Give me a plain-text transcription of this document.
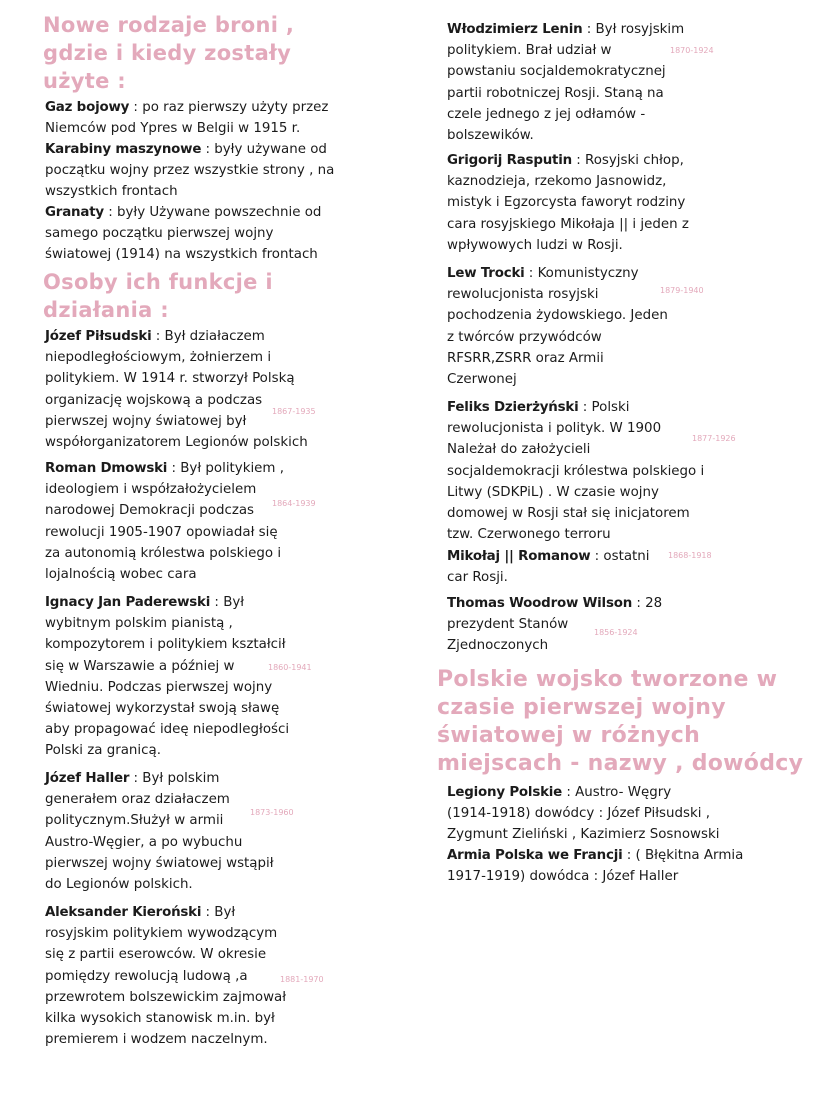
Nowe rodzaje broni ,
gdzie i kiedy zostały
użyte :

Gaz bojowy : po raz pierwszy użyty przez
Niemców pod Ypres w Belgii w 1915 r.

Karabiny maszynowe : były używane od
początku wojny przez wszystkie strony , na
wszystkich frontach

Granaty : były Używane powszechnie od
samego początku pierwszej wojny
światowej (1914) na wszystkich frontach

Osoby ich funkcje i
działania :

Józef Piłsudski : Był działaczem
niepodległościowym, żołnierzem i
politykiem. W 1914 r. stworzył Polską
organizację wojskową a podczas
pierwszej wojny światowej był
współorganizatorem Legionów polskich

1867-1935

Roman Dmowski : Był politykiem ,
ideologiem i współzałożycielem
narodowej Demokracji podczas
rewolucji 1905-1907 opowiadał się
za autonomią królestwa polskiego i
lojalnością wobec cara

1864-1939

Ignacy Jan Paderewski : Był
wybitnym polskim pianistą ,
kompozytorem i politykiem kształcił
się w Warszawie a później w
Wiedniu. Podczas pierwszej wojny
światowej wykorzystał swoją sławę
aby propagować ideę niepodległości
Polski za granicą.

1860-1941

Józef Haller : Był polskim
generałem oraz działaczem
politycznym.Służył w armii
Austro-Węgier, a po wybuchu
pierwszej wojny światowej wstąpił
do Legionów polskich.

1873-1960

Aleksander Kieroński : Był
rosyjskim politykiem wywodzącym
się z partii eserowców. W okresie
pomiędzy rewolucją ludową ,a
przewrotem bolszewickim zajmował
kilka wysokich stanowisk m.in. był
premierem i wodzem naczelnym.

1881-1970

Włodzimierz Lenin : Był rosyjskim
politykiem. Brał udział w
powstaniu socjaldemokratycznej
partii robotniczej Rosji. Staną na
czele jednego z jej odłamów -
bolszewików.

1870-1924

Grigorij Rasputin : Rosyjski chłop,
kaznodzieja, rzekomo Jasnowidz,
mistyk i Egzorcysta faworyt rodziny
cara rosyjskiego Mikołaja || i jeden z
wpływowych ludzi w Rosji.

Lew Trocki : Komunistyczny
rewolucjonista rosyjski
pochodzenia żydowskiego. Jeden
z twórców przywódców
RFSRR,ZSRR oraz Armii
Czerwonej

1879-1940

Feliks Dzierżyński : Polski
rewolucjonista i polityk. W 1900
Należał do założycieli
socjaldemokracji królestwa polskiego i
Litwy (SDKPiL) . W czasie wojny
domowej w Rosji stał się inicjatorem
tzw. Czerwonego terroru

1877-1926

Mikołaj || Romanow : ostatni
car Rosji.

1868-1918

Thomas Woodrow Wilson : 28
prezydent Stanów
Zjednoczonych

1856-1924
Polskie wojsko tworzone w
czasie pierwszej wojny
światowej w różnych
miejscach - nazwy , dowódcy

Legiony Polskie : Austro- Węgry
(1914-1918) dowódcy : Józef Piłsudski ,
Zygmunt Zieliński , Kazimierz Sosnowski

Armia Polska we Francji : ( Błękitna Armia
1917-1919) dowódca : Józef Haller
